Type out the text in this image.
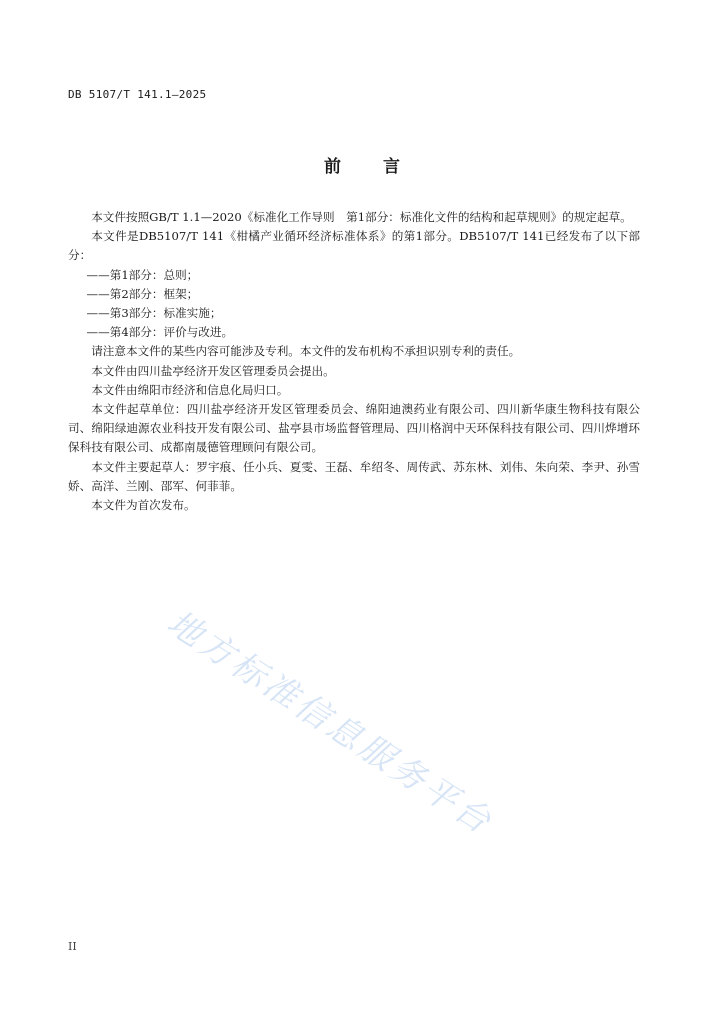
DB 5107/T 141.1—2025
前 言

本文件按照GB/T 1.1—2020《标准化工作导则　第1部分：标准化文件的结构和起草规则》的规定起草。

本文件是DB5107/T 141《柑橘产业循环经济标准体系》的第1部分。DB5107/T 141已经发布了以下部分：

——第1部分：总则；

——第2部分：框架；

——第3部分：标准实施；

——第4部分：评价与改进。

请注意本文件的某些内容可能涉及专利。本文件的发布机构不承担识别专利的责任。

本文件由四川盐亭经济开发区管理委员会提出。

本文件由绵阳市经济和信息化局归口。

本文件起草单位：四川盐亭经济开发区管理委员会、绵阳迪澳药业有限公司、四川新华康生物科技有限公司、绵阳绿迪源农业科技开发有限公司、盐亭县市场监督管理局、四川格润中天环保科技有限公司、四川烨增环保科技有限公司、成都南晟德管理顾问有限公司。

本文件主要起草人：罗宇痕、任小兵、夏雯、王磊、牟绍冬、周传武、苏东林、刘伟、朱向荣、李尹、孙雪娇、高洋、兰刚、邵军、何菲菲。

本文件为首次发布。

II
地方标准信息服务平台
